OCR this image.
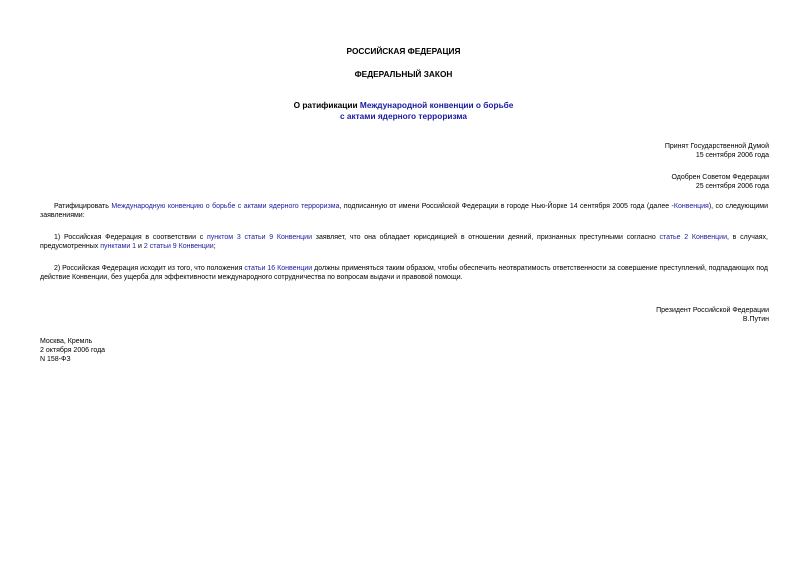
РОССИЙСКАЯ ФЕДЕРАЦИЯ
ФЕДЕРАЛЬНЫЙ ЗАКОН
О ратификации Международной конвенции о борьбе
с актами ядерного терроризма
Принят Государственной Думой
15 сентября 2006 года
Одобрен Советом Федерации
25 сентября 2006 года
Ратифицировать Международную конвенцию о борьбе с актами ядерного терроризма, подписанную от имени Российской Федерации в городе Нью-Йорке 14 сентября 2005 года (далее -Конвенция), со следующими заявлениями:
1) Российская Федерация в соответствии с пунктом 3 статьи 9 Конвенции заявляет, что она обладает юрисдикцией в отношении деяний, признанных преступными согласно статье 2 Конвенции, в случаях, предусмотренных пунктами 1 и 2 статьи 9 Конвенции;
2) Российская Федерация исходит из того, что положения статьи 16 Конвенции должны применяться таким образом, чтобы обеспечить неотвратимость ответственности за совершение преступлений, подпадающих под действие Конвенции, без ущерба для эффективности международного сотрудничества по вопросам выдачи и правовой помощи.
Президент Российской Федерации
В.Путин
Москва, Кремль
2 октября 2006 года
N 158-ФЗ
